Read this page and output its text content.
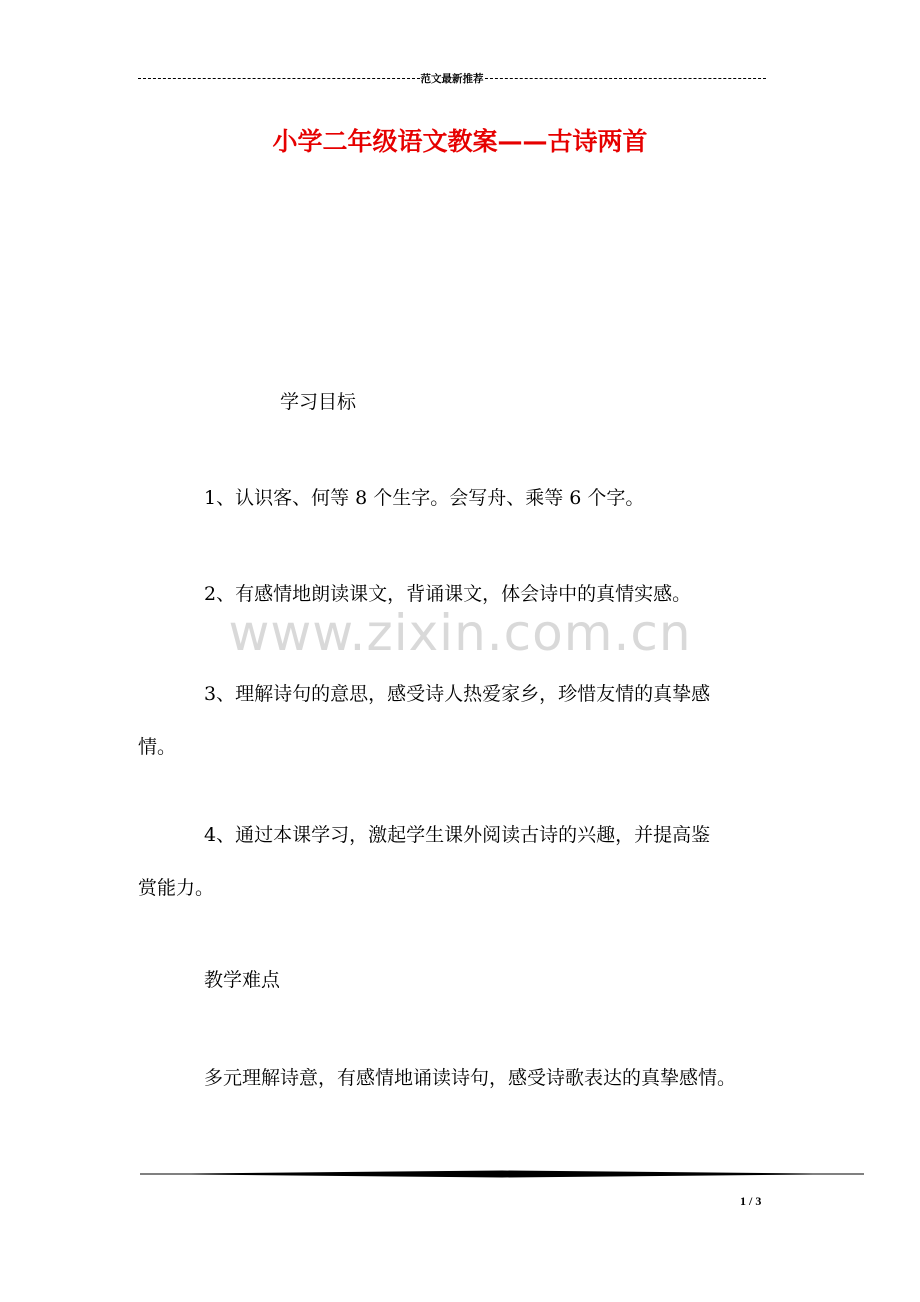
范文最新推荐
小学二年级语文教案——古诗两首
学习目标
1、认识客、何等 8 个生字。会写舟、乘等 6 个字。
2、有感情地朗读课文，背诵课文，体会诗中的真情实感。
3、理解诗句的意思，感受诗人热爱家乡，珍惜友情的真挚感
情。
4、通过本课学习，激起学生课外阅读古诗的兴趣，并提高鉴
赏能力。
教学难点
多元理解诗意，有感情地诵读诗句，感受诗歌表达的真挚感情。
www.zixin.com.cn
1 / 3
